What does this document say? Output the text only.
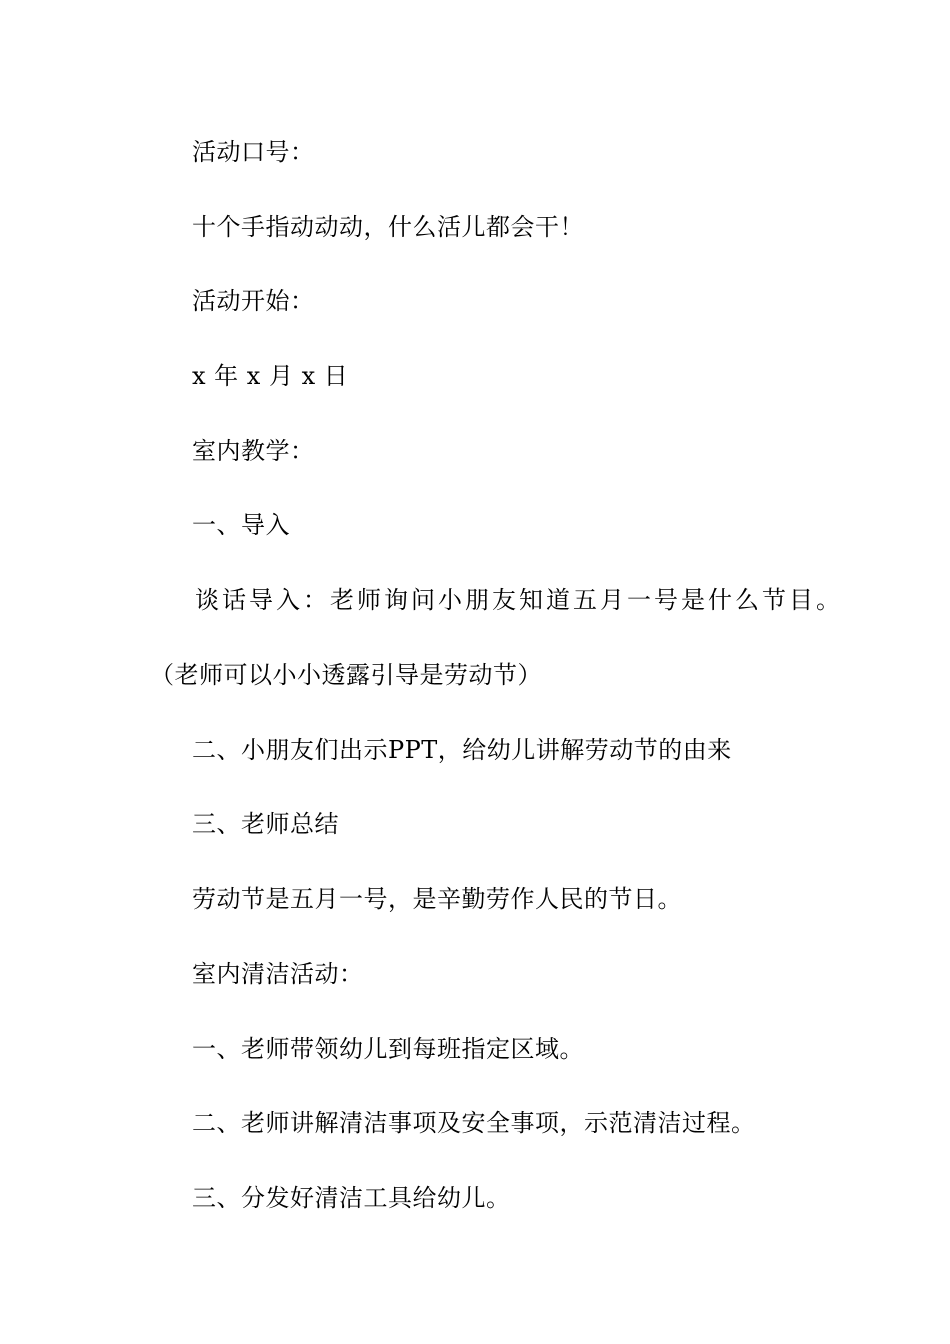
活动口号：
十个手指动动动，什么活儿都会干！
活动开始：
x 年 x 月 x 日
室内教学：
一、导入
谈话导入：老师询问小朋友知道五月一号是什么节目。
（老师可以小小透露引导是劳动节）
二、小朋友们出示PPT，给幼儿讲解劳动节的由来
三、老师总结
劳动节是五月一号，是辛勤劳作人民的节日。
室内清洁活动：
一、老师带领幼儿到每班指定区域。
二、老师讲解清洁事项及安全事项，示范清洁过程。
三、分发好清洁工具给幼儿。
